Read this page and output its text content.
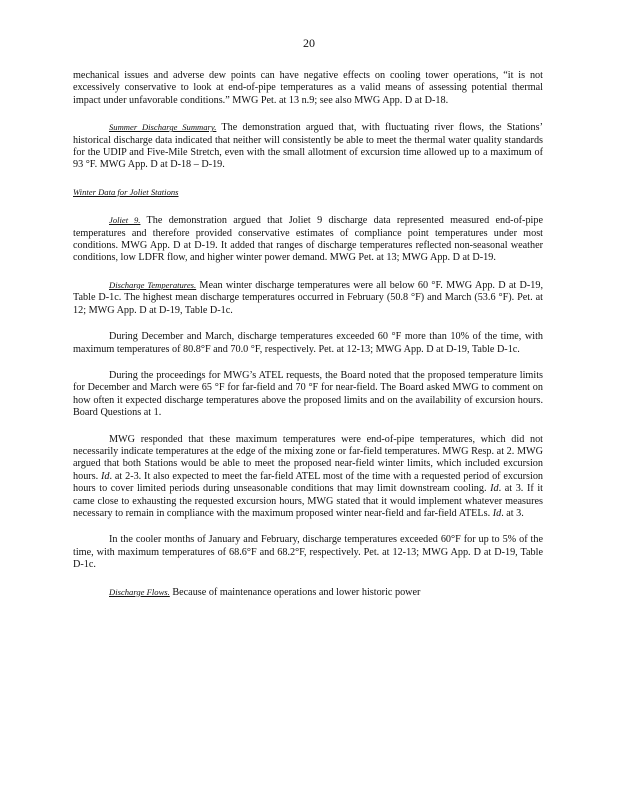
20

mechanical issues and adverse dew points can have negative effects on cooling tower operations, “it is not excessively conservative to look at end-of-pipe temperatures as a valid means of assessing potential thermal impact under unfavorable conditions.” MWG Pet. at 13 n.9; see also MWG App. D at D-18.

Summer Discharge Summary. The demonstration argued that, with fluctuating river flows, the Stations’ historical discharge data indicated that neither will consistently be able to meet the thermal water quality standards for the UDIP and Five-Mile Stretch, even with the small allotment of excursion time allowed up to a maximum of 93 °F. MWG App. D at D-18 – D-19.

Winter Data for Joliet Stations

Joliet 9. The demonstration argued that Joliet 9 discharge data represented measured end-of-pipe temperatures and therefore provided conservative estimates of compliance point temperatures under most conditions. MWG App. D at D-19. It added that ranges of discharge temperatures reflected non-seasonal weather conditions, low LDFR flow, and higher winter power demand. MWG Pet. at 13; MWG App. D at D-19.

Discharge Temperatures. Mean winter discharge temperatures were all below 60 °F. MWG App. D at D-19, Table D-1c. The highest mean discharge temperatures occurred in February (50.8 °F) and March (53.6 °F). Pet. at 12; MWG App. D at D-19, Table D-1c.

During December and March, discharge temperatures exceeded 60 °F more than 10% of the time, with maximum temperatures of 80.8°F and 70.0 °F, respectively. Pet. at 12-13; MWG App. D at D-19, Table D-1c.

During the proceedings for MWG’s ATEL requests, the Board noted that the proposed temperature limits for December and March were 65 °F for far-field and 70 °F for near-field. The Board asked MWG to comment on how often it expected discharge temperatures above the proposed limits and on the availability of excursion hours. Board Questions at 1.

MWG responded that these maximum temperatures were end-of-pipe temperatures, which did not necessarily indicate temperatures at the edge of the mixing zone or far-field temperatures. MWG Resp. at 2. MWG argued that both Stations would be able to meet the proposed near-field winter limits, which included excursion hours. Id. at 2-3. It also expected to meet the far-field ATEL most of the time with a requested period of excursion hours to cover limited periods during unseasonable conditions that may limit downstream cooling. Id. at 3. If it came close to exhausting the requested excursion hours, MWG stated that it would implement whatever measures necessary to remain in compliance with the maximum proposed winter near-field and far-field ATELs. Id. at 3.

In the cooler months of January and February, discharge temperatures exceeded 60°F for up to 5% of the time, with maximum temperatures of 68.6°F and 68.2°F, respectively. Pet. at 12-13; MWG App. D at D-19, Table D-1c.

Discharge Flows. Because of maintenance operations and lower historic power
